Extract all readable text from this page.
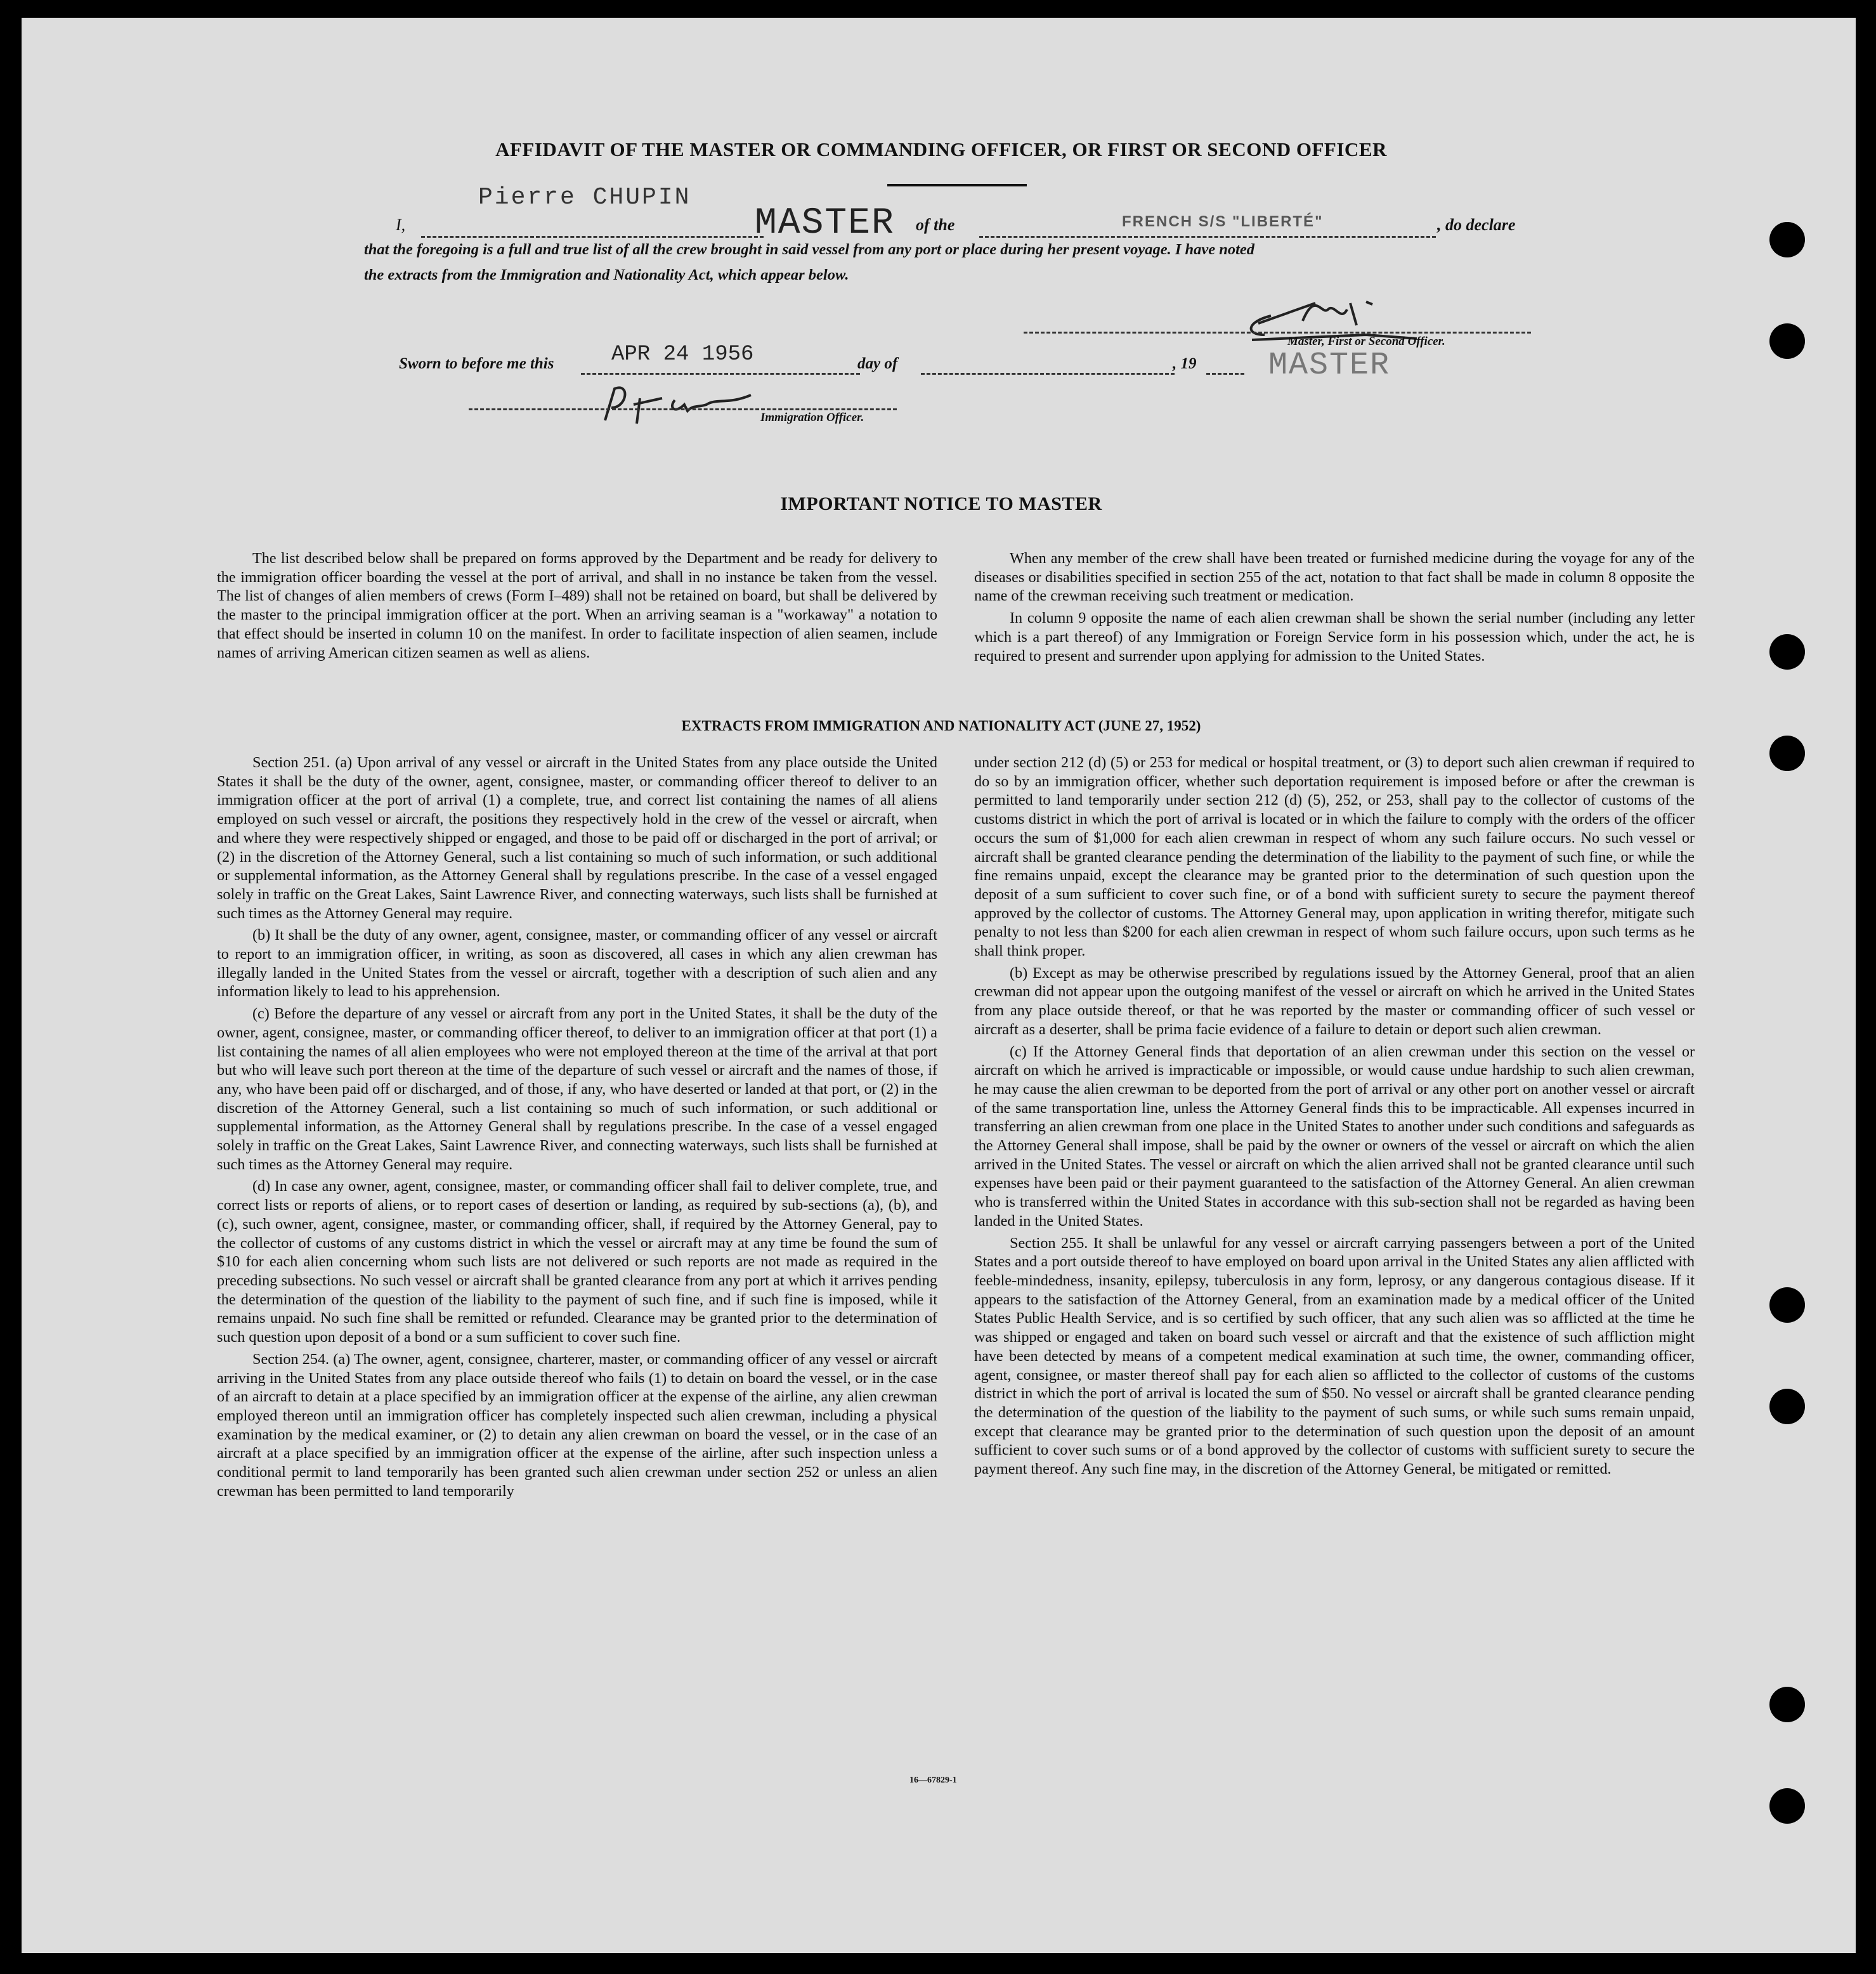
AFFIDAVIT OF THE MASTER OR COMMANDING OFFICER, OR FIRST OR SECOND OFFICER
Pierre CHUPIN
I,	MASTER of the	FRENCH S/S "LIBERTÉ"	, do declare
that the foregoing is a full and true list of all the crew brought in said vessel from any port or place during her present voyage. I have noted
the extracts from the Immigration and Nationality Act, which appear below.
Master, First or Second Officer.
Sworn to before me this	APR 24 1956	day of	, 19 MASTER
Immigration Officer.
IMPORTANT NOTICE TO MASTER

The list described below shall be prepared on forms approved by the Department and be ready for delivery to the immigration officer boarding the vessel at the port of arrival, and shall in no instance be taken from the vessel. The list of changes of alien members of crews (Form I–489) shall not be retained on board, but shall be delivered by the master to the principal immigration officer at the port. When an arriving seaman is a "workaway" a notation to that effect should be inserted in column 10 on the manifest. In order to facilitate inspection of alien seamen, include names of arriving American citizen seamen as well as aliens.

When any member of the crew shall have been treated or furnished medicine during the voyage for any of the diseases or disabilities specified in section 255 of the act, notation to that fact shall be made in column 8 opposite the name of the crewman receiving such treatment or medication.

In column 9 opposite the name of each alien crewman shall be shown the serial number (including any letter which is a part thereof) of any Immigration or Foreign Service form in his possession which, under the act, he is required to present and surrender upon applying for admission to the United States.

EXTRACTS FROM IMMIGRATION AND NATIONALITY ACT (JUNE 27, 1952)

Section 251. (a) Upon arrival of any vessel or aircraft in the United States from any place outside the United States it shall be the duty of the owner, agent, consignee, master, or commanding officer thereof to deliver to an immigration officer at the port of arrival (1) a complete, true, and correct list containing the names of all aliens employed on such vessel or aircraft, the positions they respectively hold in the crew of the vessel or aircraft, when and where they were respectively shipped or engaged, and those to be paid off or discharged in the port of arrival; or (2) in the discretion of the Attorney General, such a list containing so much of such information, or such additional or supplemental information, as the Attorney General shall by regulations prescribe. In the case of a vessel engaged solely in traffic on the Great Lakes, Saint Lawrence River, and connecting waterways, such lists shall be furnished at such times as the Attorney General may require.

(b) It shall be the duty of any owner, agent, consignee, master, or commanding officer of any vessel or aircraft to report to an immigration officer, in writing, as soon as discovered, all cases in which any alien crewman has illegally landed in the United States from the vessel or aircraft, together with a description of such alien and any information likely to lead to his apprehension.

(c) Before the departure of any vessel or aircraft from any port in the United States, it shall be the duty of the owner, agent, consignee, master, or commanding officer thereof, to deliver to an immigration officer at that port (1) a list containing the names of all alien employees who were not employed thereon at the time of the arrival at that port but who will leave such port thereon at the time of the departure of such vessel or aircraft and the names of those, if any, who have been paid off or discharged, and of those, if any, who have deserted or landed at that port, or (2) in the discretion of the Attorney General, such a list containing so much of such information, or such additional or supplemental information, as the Attorney General shall by regulations prescribe. In the case of a vessel engaged solely in traffic on the Great Lakes, Saint Lawrence River, and connecting waterways, such lists shall be furnished at such times as the Attorney General may require.

(d) In case any owner, agent, consignee, master, or commanding officer shall fail to deliver complete, true, and correct lists or reports of aliens, or to report cases of desertion or landing, as required by sub-sections (a), (b), and (c), such owner, agent, consignee, master, or commanding officer, shall, if required by the Attorney General, pay to the collector of customs of any customs district in which the vessel or aircraft may at any time be found the sum of $10 for each alien concerning whom such lists are not delivered or such reports are not made as required in the preceding subsections. No such vessel or aircraft shall be granted clearance from any port at which it arrives pending the determination of the question of the liability to the payment of such fine, and if such fine is imposed, while it remains unpaid. No such fine shall be remitted or refunded. Clearance may be granted prior to the determination of such question upon deposit of a bond or a sum sufficient to cover such fine.

Section 254. (a) The owner, agent, consignee, charterer, master, or commanding officer of any vessel or aircraft arriving in the United States from any place outside thereof who fails (1) to detain on board the vessel, or in the case of an aircraft to detain at a place specified by an immigration officer at the expense of the airline, any alien crewman employed thereon until an immigration officer has completely inspected such alien crewman, including a physical examination by the medical examiner, or (2) to detain any alien crewman on board the vessel, or in the case of an aircraft at a place specified by an immigration officer at the expense of the airline, after such inspection unless a conditional permit to land temporarily has been granted such alien crewman under section 252 or unless an alien crewman has been permitted to land temporarily

under section 212 (d) (5) or 253 for medical or hospital treatment, or (3) to deport such alien crewman if required to do so by an immigration officer, whether such deportation requirement is imposed before or after the crewman is permitted to land temporarily under section 212 (d) (5), 252, or 253, shall pay to the collector of customs of the customs district in which the port of arrival is located or in which the failure to comply with the orders of the officer occurs the sum of $1,000 for each alien crewman in respect of whom any such failure occurs. No such vessel or aircraft shall be granted clearance pending the determination of the liability to the payment of such fine, or while the fine remains unpaid, except the clearance may be granted prior to the determination of such question upon the deposit of a sum sufficient to cover such fine, or of a bond with sufficient surety to secure the payment thereof approved by the collector of customs. The Attorney General may, upon application in writing therefor, mitigate such penalty to not less than $200 for each alien crewman in respect of whom such failure occurs, upon such terms as he shall think proper.

(b) Except as may be otherwise prescribed by regulations issued by the Attorney General, proof that an alien crewman did not appear upon the outgoing manifest of the vessel or aircraft on which he arrived in the United States from any place outside thereof, or that he was reported by the master or commanding officer of such vessel or aircraft as a deserter, shall be prima facie evidence of a failure to detain or deport such alien crewman.

(c) If the Attorney General finds that deportation of an alien crewman under this section on the vessel or aircraft on which he arrived is impracticable or impossible, or would cause undue hardship to such alien crewman, he may cause the alien crewman to be deported from the port of arrival or any other port on another vessel or aircraft of the same transportation line, unless the Attorney General finds this to be impracticable. All expenses incurred in transferring an alien crewman from one place in the United States to another under such conditions and safeguards as the Attorney General shall impose, shall be paid by the owner or owners of the vessel or aircraft on which the alien arrived in the United States. The vessel or aircraft on which the alien arrived shall not be granted clearance until such expenses have been paid or their payment guaranteed to the satisfaction of the Attorney General. An alien crewman who is transferred within the United States in accordance with this sub-section shall not be regarded as having been landed in the United States.

Section 255. It shall be unlawful for any vessel or aircraft carrying passengers between a port of the United States and a port outside thereof to have employed on board upon arrival in the United States any alien afflicted with feeble-mindedness, insanity, epilepsy, tuberculosis in any form, leprosy, or any dangerous contagious disease. If it appears to the satisfaction of the Attorney General, from an examination made by a medical officer of the United States Public Health Service, and is so certified by such officer, that any such alien was so afflicted at the time he was shipped or engaged and taken on board such vessel or aircraft and that the existence of such affliction might have been detected by means of a competent medical examination at such time, the owner, commanding officer, agent, consignee, or master thereof shall pay for each alien so afflicted to the collector of customs of the customs district in which the port of arrival is located the sum of $50. No vessel or aircraft shall be granted clearance pending the determination of the question of the liability to the payment of such sums, or while such sums remain unpaid, except that clearance may be granted prior to the determination of such question upon the deposit of an amount sufficient to cover such sums or of a bond approved by the collector of customs with sufficient surety to secure the payment thereof. Any such fine may, in the discretion of the Attorney General, be mitigated or remitted.

16—67829-1
